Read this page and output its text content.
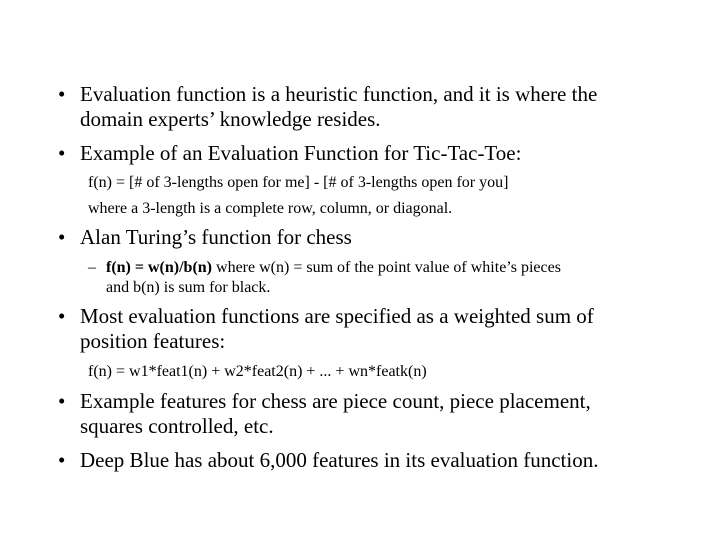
• Evaluation function is a heuristic function, and it is where the
domain experts’ knowledge resides.
• Example of an Evaluation Function for Tic-Tac-Toe:
f(n) = [# of 3-lengths open for me] - [# of 3-lengths open for you]
where a 3-length is a complete row, column, or diagonal.
• Alan Turing’s function for chess
– f(n) = w(n)/b(n) where w(n) = sum of the point value of white’s pieces
and b(n) is sum for black.
• Most evaluation functions are specified as a weighted sum of
position features:
f(n) = w1*feat1(n) + w2*feat2(n) + ... + wn*featk(n)
• Example features for chess are piece count, piece placement,
squares controlled, etc.
• Deep Blue has about 6,000 features in its evaluation function.
